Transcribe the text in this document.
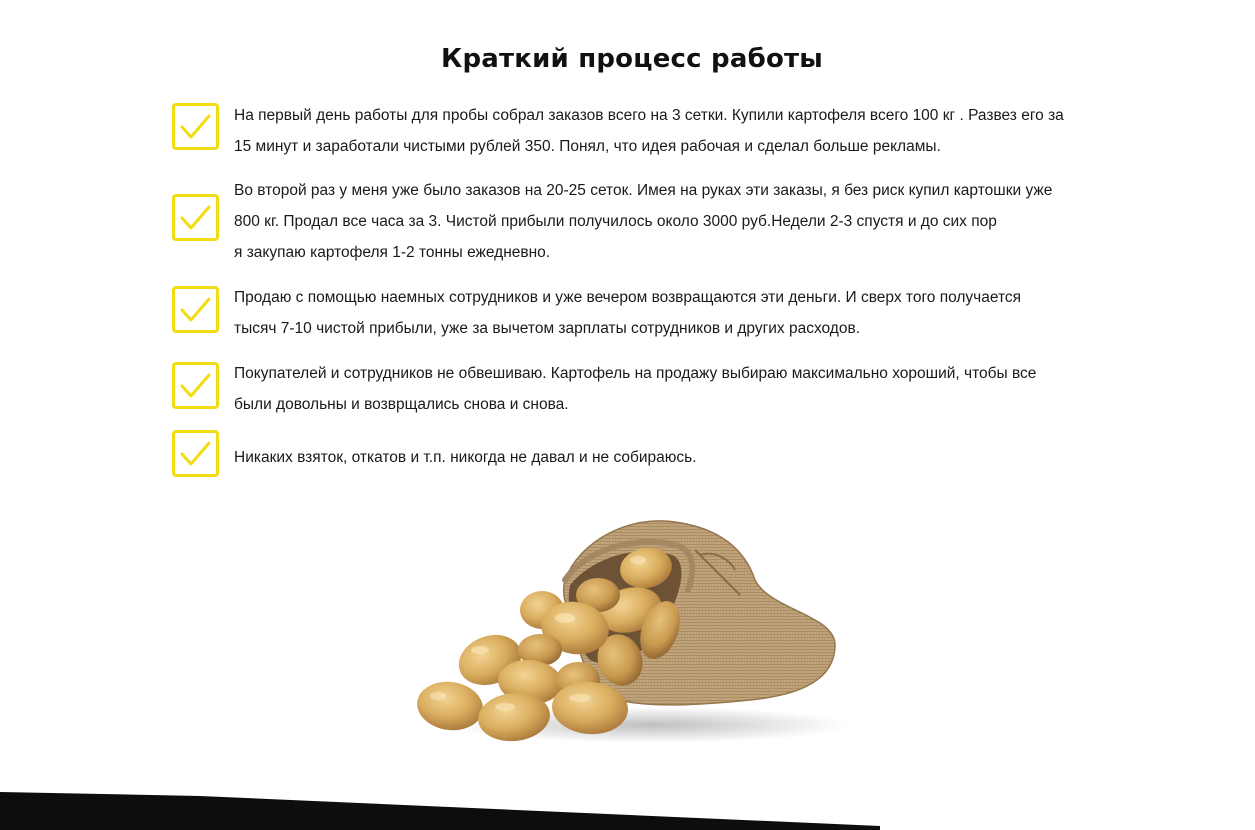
Краткий процесс работы
На первый день работы для пробы собрал заказов всего на 3 сетки. Купили картофеля всего 100 кг . Развез его за
15 минут и заработали чистыми рублей 350. Понял, что идея рабочая и сделал больше рекламы.
Во второй раз у меня уже было заказов на 20-25 сеток. Имея на руках эти заказы, я без риск купил картошки уже
800 кг. Продал все часа за 3. Чистой прибыли получилось около 3000 руб.Недели 2-3 спустя и до сих пор
я закупаю картофеля 1-2 тонны ежедневно.
Продаю с помощью наемных сотрудников и уже вечером возвращаются эти деньги. И сверх того получается
тысяч 7-10 чистой прибыли, уже за вычетом зарплаты сотрудников и других расходов.
Покупателей и сотрудников не обвешиваю. Картофель на продажу выбираю максимально хороший, чтобы все
были довольны и возврщались снова и снова.
Никаких взяток, откатов и т.п. никогда не давал и не собираюсь.
